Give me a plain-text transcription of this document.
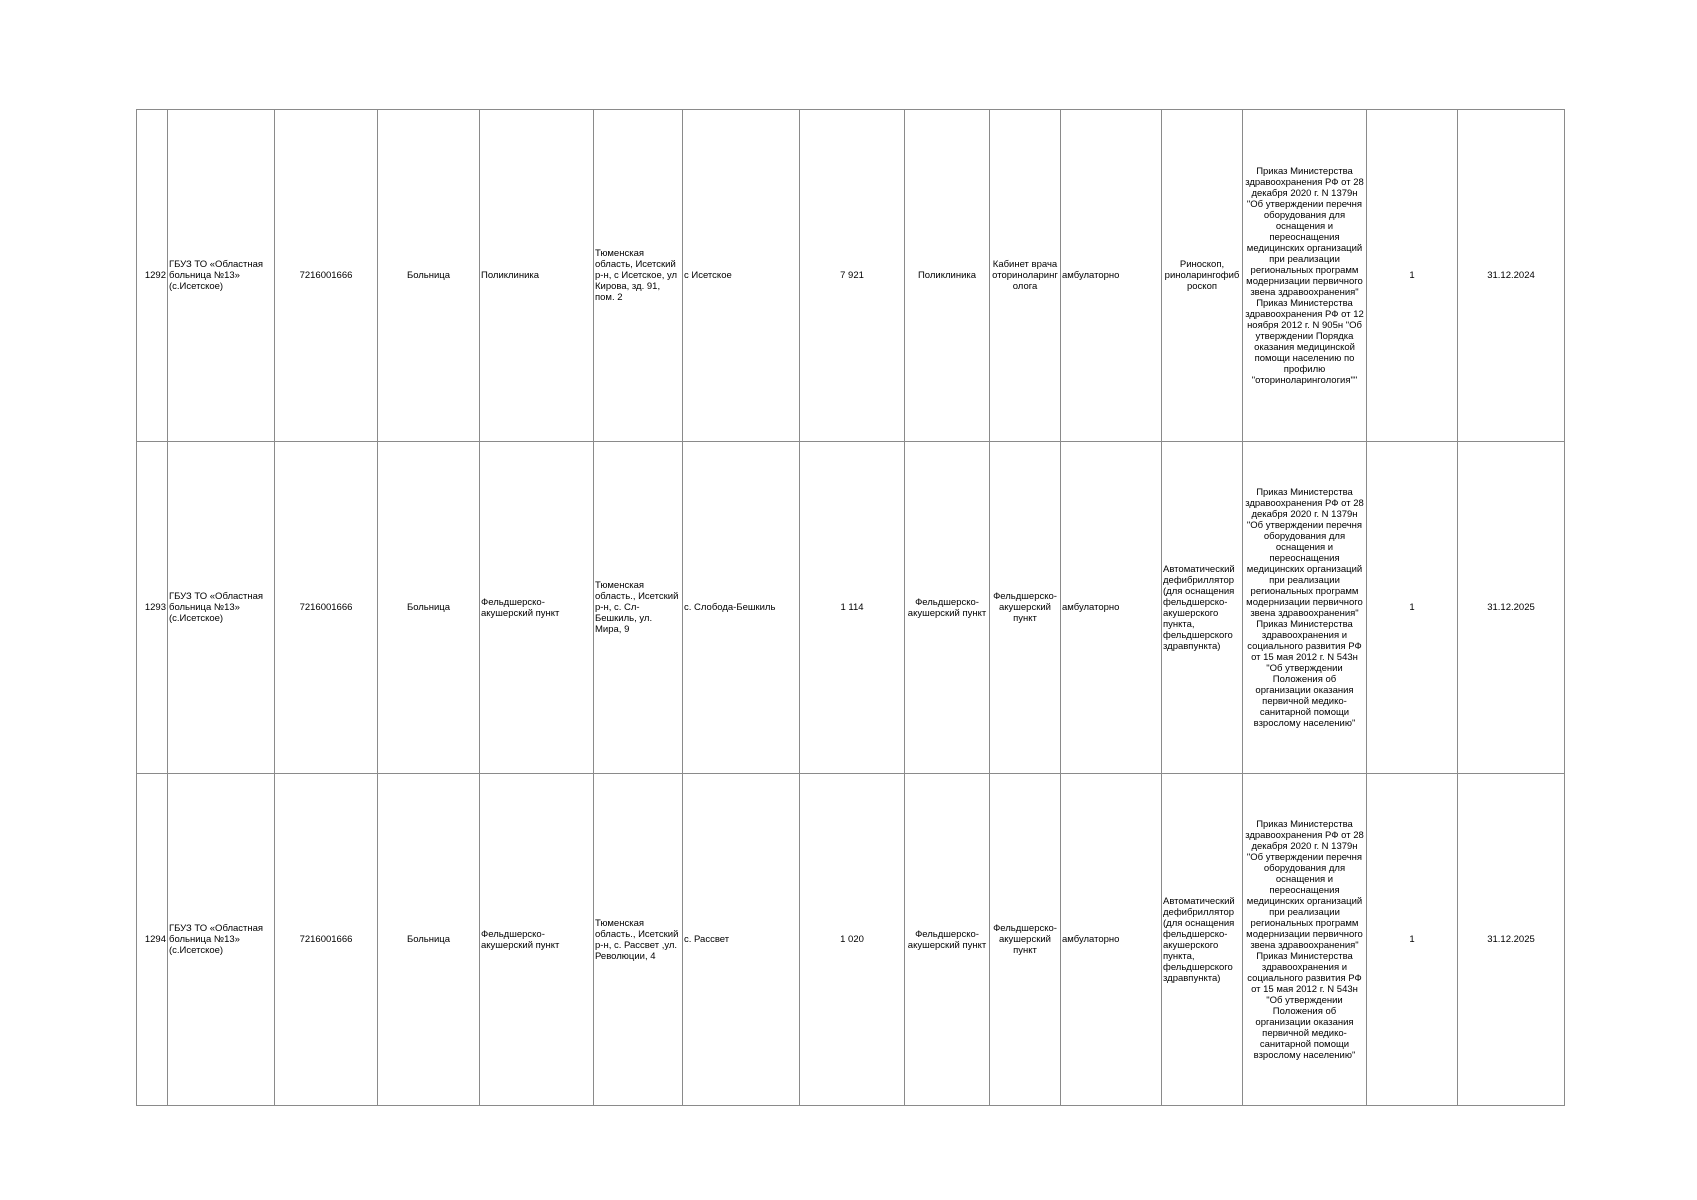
1292	ГБУЗ ТО «Областная больница №13» (с.Исетское)	7216001666	Больница	Поликлиника	Тюменская область, Исетский р-н, с Исетское, ул Кирова, зд. 91, пом. 2	с Исетское	7 921	Поликлиника	Кабинет врача оториноларинголога	амбулаторно	Риноскоп, риноларингофиброскоп	Приказ Министерства здравоохранения РФ от 28 декабря 2020 г. N 1379н "Об утверждении перечня оборудования для оснащения и переоснащения медицинских организаций при реализации региональных программ модернизации первичного звена здравоохранения" Приказ Министерства здравоохранения РФ от 12 ноября 2012 г. N 905н "Об утверждении Порядка оказания медицинской помощи населению по профилю "оториноларингология""	1	31.12.2024
1293	ГБУЗ ТО «Областная больница №13» (с.Исетское)	7216001666	Больница	Фельдшерско-акушерский пункт	Тюменская область., Исетский р-н, с. Сл-Бешкиль, ул. Мира, 9	с. Слобода-Бешкиль	1 114	Фельдшерско-акушерский пункт	Фельдшерско-акушерский пункт	амбулаторно	Автоматический дефибриллятор (для оснащения фельдшерско-акушерского пункта, фельдшерского здравпункта)	Приказ Министерства здравоохранения РФ от 28 декабря 2020 г. N 1379н "Об утверждении перечня оборудования для оснащения и переоснащения медицинских организаций при реализации региональных программ модернизации первичного звена здравоохранения" Приказ Министерства здравоохранения и социального развития РФ от 15 мая 2012 г. N 543н "Об утверждении Положения об организации оказания первичной медико-санитарной помощи взрослому населению"	1	31.12.2025
1294	ГБУЗ ТО «Областная больница №13» (с.Исетское)	7216001666	Больница	Фельдшерско-акушерский пункт	Тюменская область., Исетский р-н, с. Рассвет ,ул. Революции, 4	с. Рассвет	1 020	Фельдшерско-акушерский пункт	Фельдшерско-акушерский пункт	амбулаторно	Автоматический дефибриллятор (для оснащения фельдшерско-акушерского пункта, фельдшерского здравпункта)	Приказ Министерства здравоохранения РФ от 28 декабря 2020 г. N 1379н "Об утверждении перечня оборудования для оснащения и переоснащения медицинских организаций при реализации региональных программ модернизации первичного звена здравоохранения" Приказ Министерства здравоохранения и социального развития РФ от 15 мая 2012 г. N 543н "Об утверждении Положения об организации оказания первичной медико-санитарной помощи взрослому населению"	1	31.12.2025
